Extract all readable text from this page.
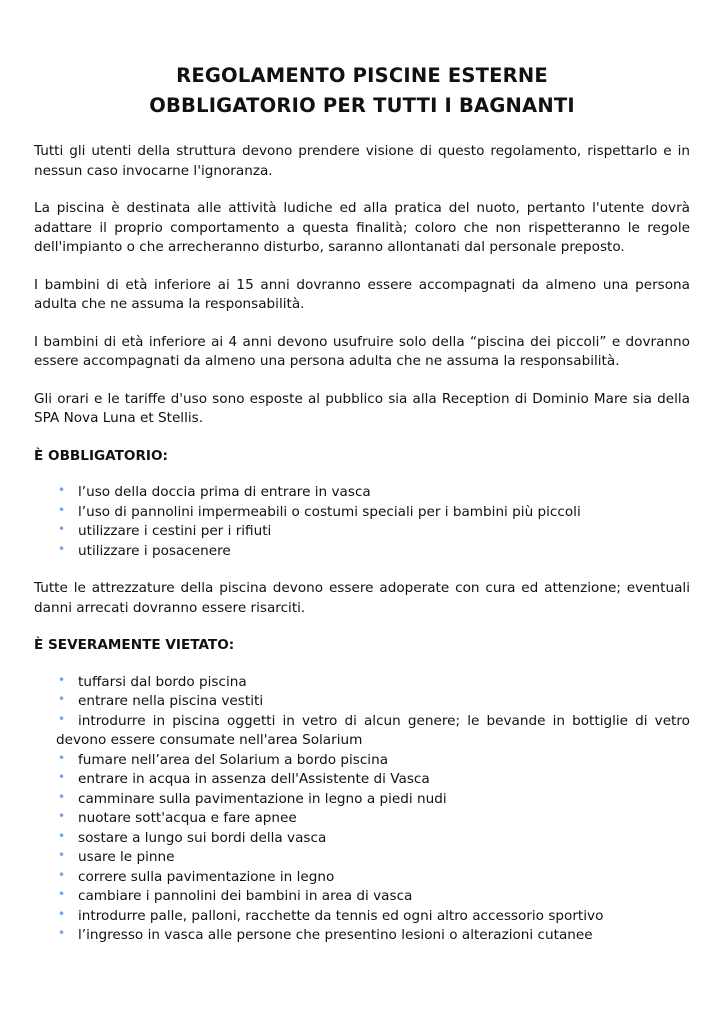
REGOLAMENTO PISCINE ESTERNE
OBBLIGATORIO PER TUTTI I BAGNANTI

Tutti gli utenti della struttura devono prendere visione di questo regolamento, rispettarlo e in nessun caso invocarne l'ignoranza.

La piscina è destinata alle attività ludiche ed alla pratica del nuoto, pertanto l'utente dovrà adattare il proprio comportamento a questa finalità; coloro che non rispetteranno le regole dell'impianto o che arrecheranno disturbo, saranno allontanati dal personale preposto.

I bambini di età inferiore ai 15 anni dovranno essere accompagnati da almeno una persona adulta che ne assuma la responsabilità.

I bambini di età inferiore ai 4 anni devono usufruire solo della “piscina dei piccoli” e dovranno essere accompagnati da almeno una persona adulta che ne assuma la responsabilità.

Gli orari e le tariffe d'uso sono esposte al pubblico sia alla Reception di Dominio Mare sia della SPA Nova Luna et Stellis.

È OBBLIGATORIO:

• l’uso della doccia prima di entrare in vasca
• l’uso di pannolini impermeabili o costumi speciali per i bambini più piccoli
• utilizzare i cestini per i rifiuti
• utilizzare i posacenere

Tutte le attrezzature della piscina devono essere adoperate con cura ed attenzione; eventuali danni arrecati dovranno essere risarciti.

È SEVERAMENTE VIETATO:

• tuffarsi dal bordo piscina
• entrare nella piscina vestiti
• introdurre in piscina oggetti in vetro di alcun genere; le bevande in bottiglie di vetro devono essere consumate nell'area Solarium
• fumare nell’area del Solarium a bordo piscina
• entrare in acqua in assenza dell'Assistente di Vasca
• camminare sulla pavimentazione in legno a piedi nudi
• nuotare sott'acqua e fare apnee
• sostare a lungo sui bordi della vasca
• usare le pinne
• correre sulla pavimentazione in legno
• cambiare i pannolini dei bambini in area di vasca
• introdurre palle, palloni, racchette da tennis ed ogni altro accessorio sportivo
• l’ingresso in vasca alle persone che presentino lesioni o alterazioni cutanee
